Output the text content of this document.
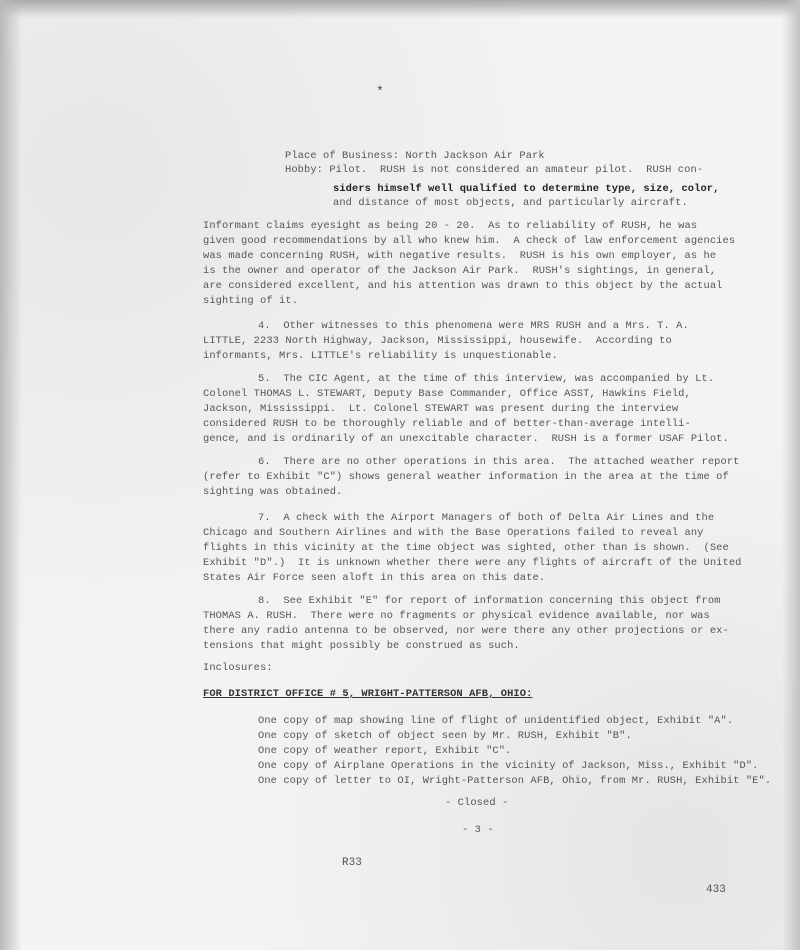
*
Place of Business: North Jackson Air Park
Hobby: Pilot.  RUSH is not considered an amateur pilot.  RUSH con-
siders himself well qualified to determine type, size, color,
and distance of most objects, and particularly aircraft.
Informant claims eyesight as being 20 - 20.  As to reliability of RUSH, he was
given good recommendations by all who knew him.  A check of law enforcement agencies
was made concerning RUSH, with negative results.  RUSH is his own employer, as he
is the owner and operator of the Jackson Air Park.  RUSH's sightings, in general,
are considered excellent, and his attention was drawn to this object by the actual
sighting of it.
4.  Other witnesses to this phenomena were MRS RUSH and a Mrs. T. A.
LITTLE, 2233 North Highway, Jackson, Mississippi, housewife.  According to
informants, Mrs. LITTLE's reliability is unquestionable.
5.  The CIC Agent, at the time of this interview, was accompanied by Lt.
Colonel THOMAS L. STEWART, Deputy Base Commander, Office ASST, Hawkins Field,
Jackson, Mississippi.  Lt. Colonel STEWART was present during the interview
considered RUSH to be thoroughly reliable and of better-than-average intelli-
gence, and is ordinarily of an unexcitable character.  RUSH is a former USAF Pilot.
6.  There are no other operations in this area.  The attached weather report
(refer to Exhibit "C") shows general weather information in the area at the time of
sighting was obtained.
7.  A check with the Airport Managers of both of Delta Air Lines and the
Chicago and Southern Airlines and with the Base Operations failed to reveal any
flights in this vicinity at the time object was sighted, other than is shown.  (See
Exhibit "D".)  It is unknown whether there were any flights of aircraft of the United
States Air Force seen aloft in this area on this date.
8.  See Exhibit "E" for report of information concerning this object from
THOMAS A. RUSH.  There were no fragments or physical evidence available, nor was
there any radio antenna to be observed, nor were there any other projections or ex-
tensions that might possibly be construed as such.
Inclosures:
FOR DISTRICT OFFICE # 5, WRIGHT-PATTERSON AFB, OHIO:
One copy of map showing line of flight of unidentified object, Exhibit "A".
One copy of sketch of object seen by Mr. RUSH, Exhibit "B".
One copy of weather report, Exhibit "C".
One copy of Airplane Operations in the vicinity of Jackson, Miss., Exhibit "D".
One copy of letter to OI, Wright-Patterson AFB, Ohio, from Mr. RUSH, Exhibit "E".
- Closed -
- 3 -
R33
433
